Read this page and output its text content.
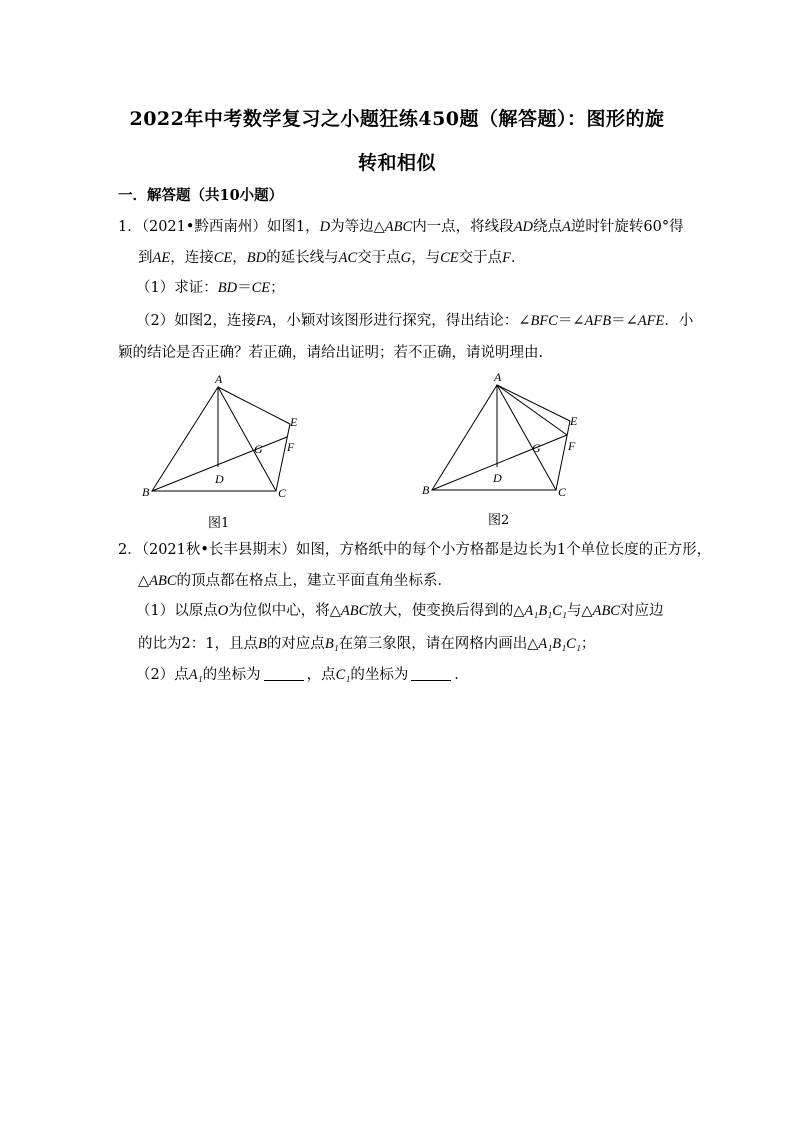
2022年中考数学复习之小题狂练450题（解答题）：图形的旋
转和相似
一．解答题（共10小题）
1．（2021•黔西南州）如图1，D为等边△ABC内一点，将线段AD绕点A逆时针旋转60°得
到AE，连接CE，BD的延长线与AC交于点G，与CE交于点F．
（1）求证：BD＝CE；
（2）如图2，连接FA，小颖对该图形进行探究，得出结论：∠BFC＝∠AFB＝∠AFE．小
颖的结论是否正确？若正确，请给出证明；若不正确，请说明理由．
A
B	C
D
E
F
G
图1
A
B	C
D
E
F
G
图2
2．（2021秋•长丰县期末）如图，方格纸中的每个小方格都是边长为1个单位长度的正方形，
△ABC的顶点都在格点上，建立平面直角坐标系．
（1）以原点O为位似中心，将△ABC放大，使变换后得到的△A₁B₁C₁与△ABC对应边
的比为2：1，且点B的对应点B₁在第三象限，请在网格内画出△A₁B₁C₁；
（2）点A₁的坐标为	，点C₁的坐标为	．
